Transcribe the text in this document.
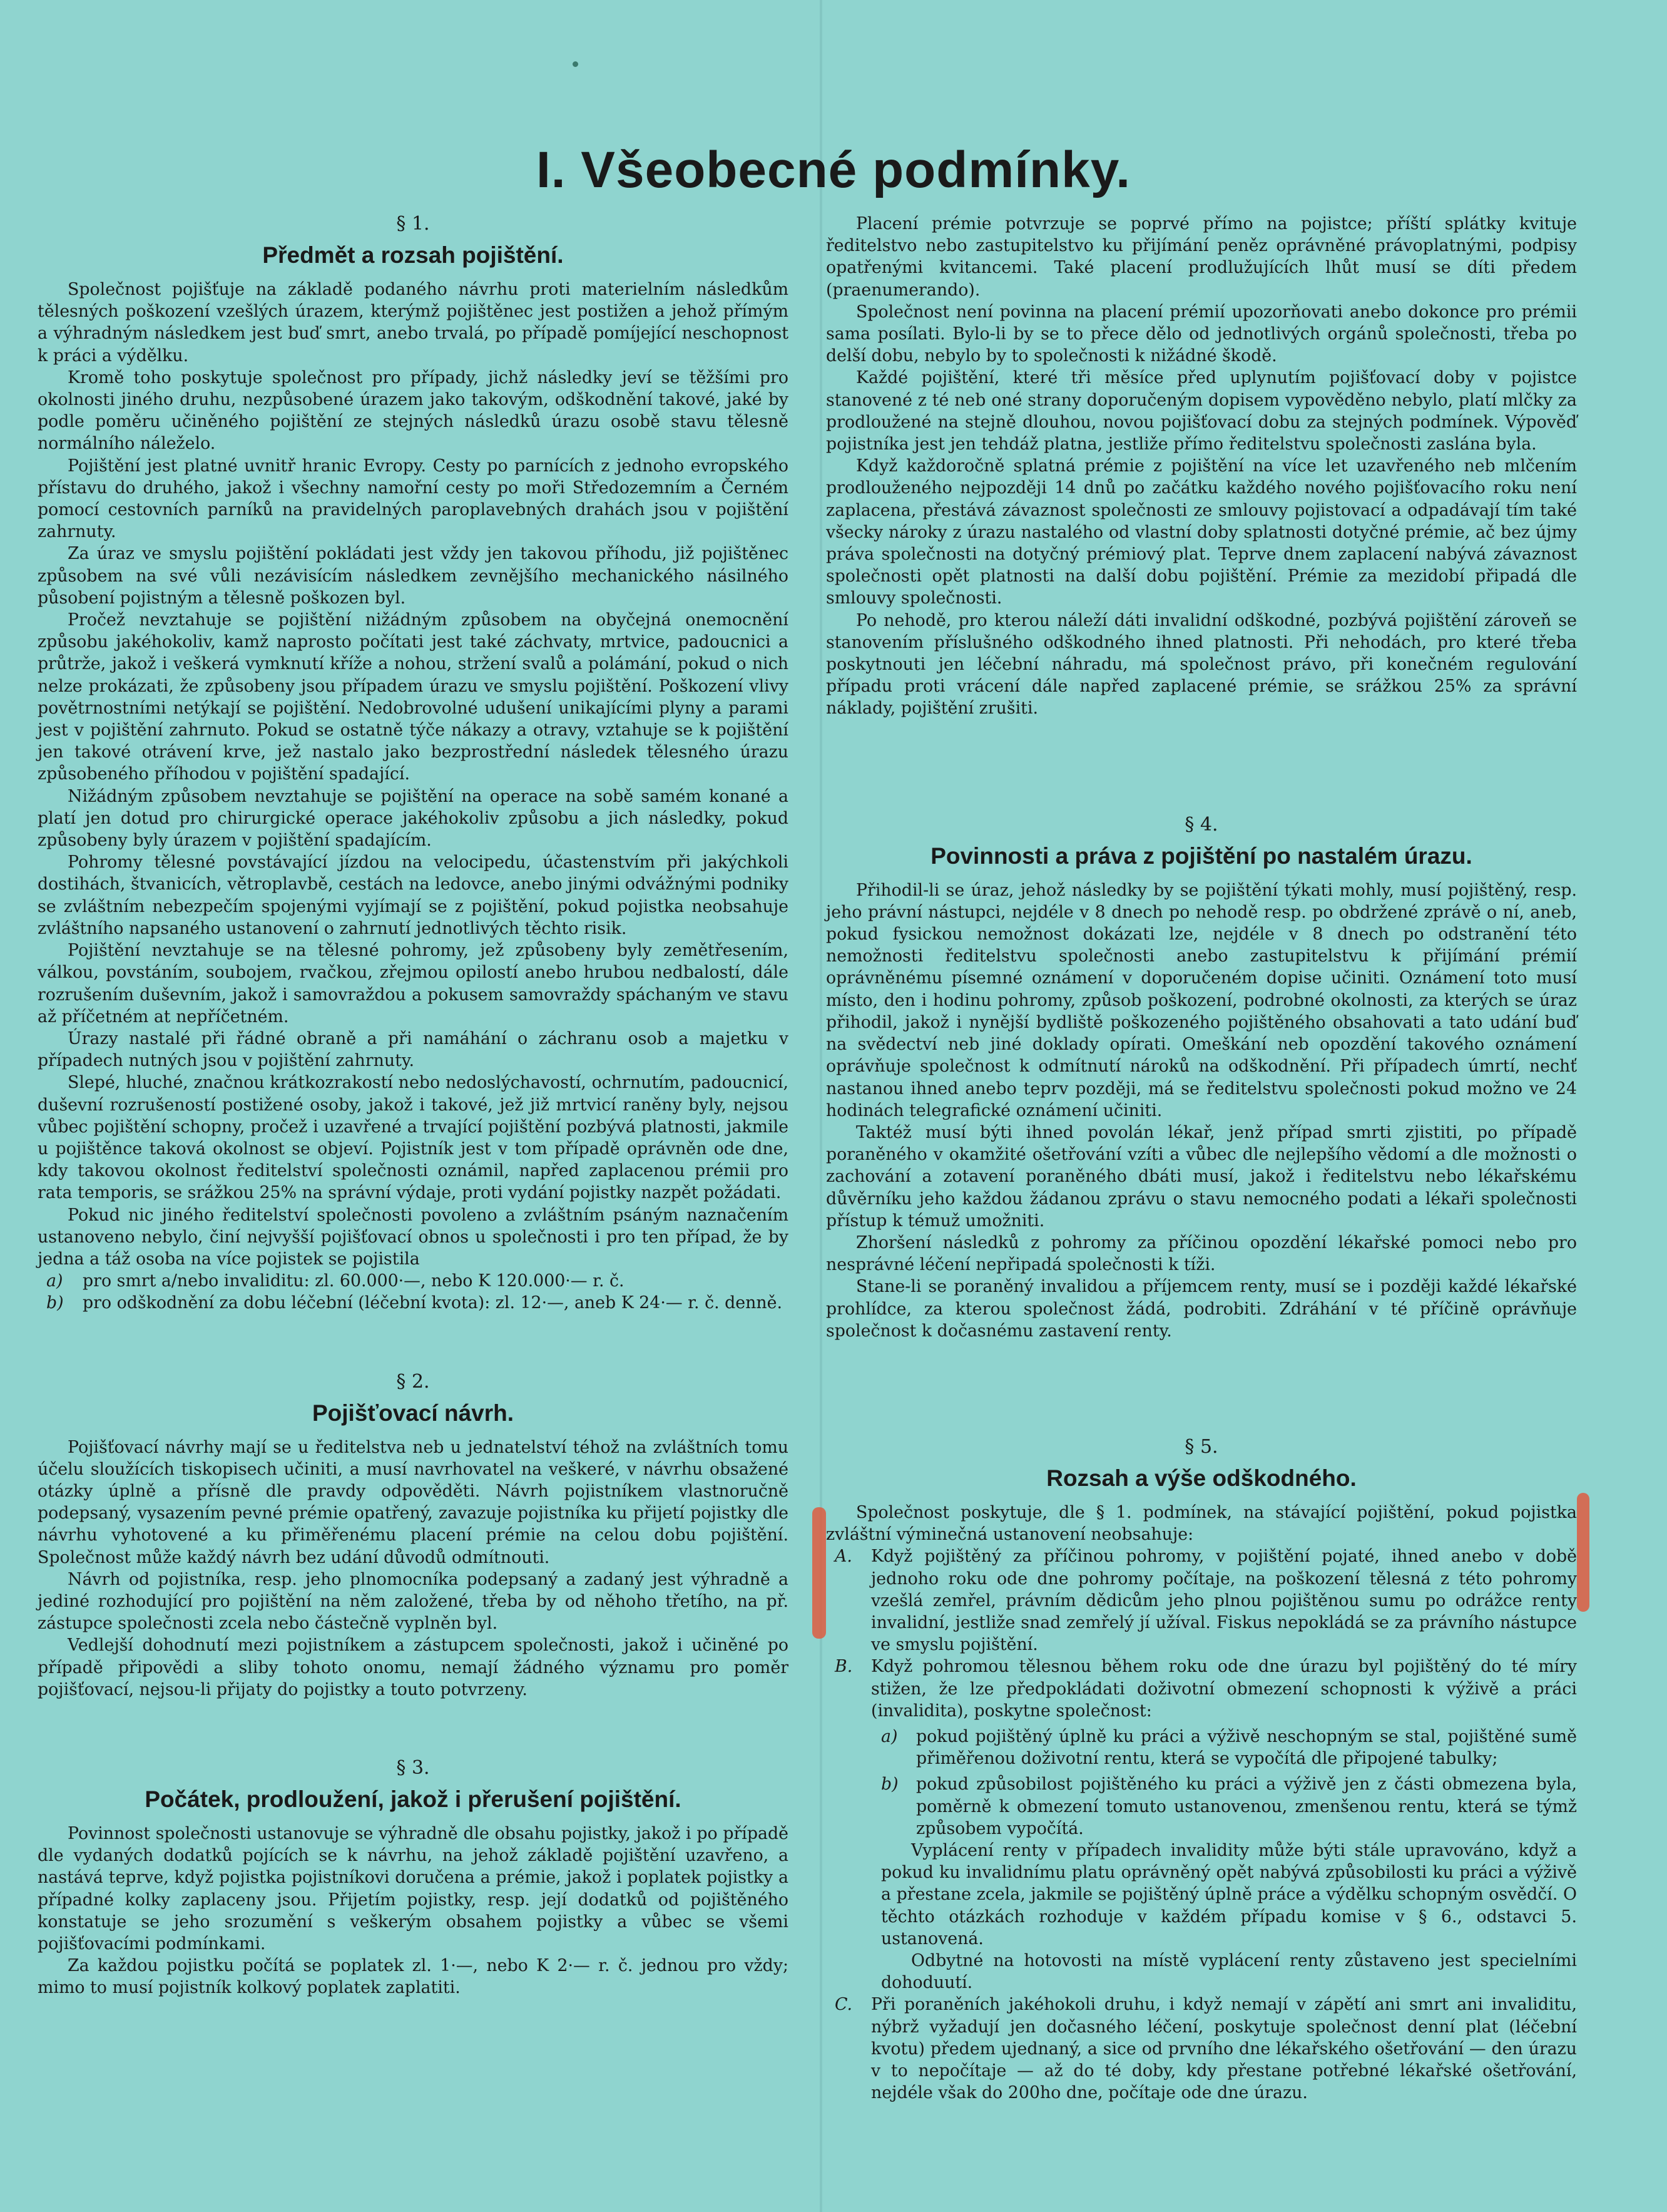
I. Všeobecné podmínky.
§ 1.
Předmět a rozsah pojištění.

Společnost pojišťuje na základě podaného návrhu proti materielním následkům tělesných poškození vzešlých úrazem, kterýmž pojištěnec jest postižen a jehož přímým a výhradným následkem jest buď smrt, anebo trvalá, po případě pomíjející neschopnost k práci a výdělku.

Kromě toho poskytuje společnost pro případy, jichž následky jeví se těžšími pro okolnosti jiného druhu, nezpůsobené úrazem jako takovým, odškodnění takové, jaké by podle poměru učiněného pojištění ze stejných následků úrazu osobě stavu tělesně normálního náleželo.

Pojištění jest platné uvnitř hranic Evropy. Cesty po parnících z jednoho evropského přístavu do druhého, jakož i všechny namořní cesty po moři Středozemním a Černém pomocí cestovních parníků na pravidelných paroplavebných drahách jsou v pojištění zahrnuty.

Za úraz ve smyslu pojištění pokládati jest vždy jen takovou příhodu, již pojištěnec způsobem na své vůli nezávisícím následkem zevnějšího mechanického násilného působení pojistným a tělesně poškozen byl.

Pročež nevztahuje se pojištění nižádným způsobem na obyčejná onemocnění způsobu jakéhokoliv, kamž naprosto počítati jest také záchvaty, mrtvice, padoucnici a průtrže, jakož i veškerá vymknutí kříže a nohou, stržení svalů a polámání, pokud o nich nelze prokázati, že způsobeny jsou případem úrazu ve smyslu pojištění. Poškození vlivy povětrnostními netýkají se pojištění. Nedobrovolné udušení unikajícími plyny a parami jest v pojištění zahrnuto. Pokud se ostatně týče nákazy a otravy, vztahuje se k pojištění jen takové otrávení krve, jež nastalo jako bezprostřední následek tělesného úrazu způsobeného příhodou v pojištění spadající.

Nižádným způsobem nevztahuje se pojištění na operace na sobě samém konané a platí jen dotud pro chirurgické operace jakéhokoliv způsobu a jich následky, pokud způsobeny byly úrazem v pojištění spadajícím.

Pohromy tělesné povstávající jízdou na velocipedu, účastenstvím při jakýchkoli dostihách, štvanicích, větroplavbě, cestách na ledovce, anebo jinými odvážnými podniky se zvláštním nebezpečím spojenými vyjímají se z pojištění, pokud pojistka neobsahuje zvláštního napsaného ustanovení o zahrnutí jednotlivých těchto risik.

Pojištění nevztahuje se na tělesné pohromy, jež způsobeny byly zemětřesením, válkou, povstáním, soubojem, rvačkou, zřejmou opilostí anebo hrubou nedbalostí, dále rozrušením duševním, jakož i samovraždou a pokusem samovraždy spáchaným ve stavu až příčetném at nepříčetném.

Úrazy nastalé při řádné obraně a při namáhání o záchranu osob a majetku v případech nutných jsou v pojištění zahrnuty.

Slepé, hluché, značnou krátkozrakostí nebo nedoslýchavostí, ochrnutím, padoucnicí, duševní rozrušeností postižené osoby, jakož i takové, jež již mrtvicí raněny byly, nejsou vůbec pojištění schopny, pročež i uzavřené a trvající pojištění pozbývá platnosti, jakmile u pojištěnce taková okolnost se objeví. Pojistník jest v tom případě oprávněn ode dne, kdy takovou okolnost ředitelství společnosti oznámil, napřed zaplacenou prémii pro rata temporis, se srážkou 25% na správní výdaje, proti vydání pojistky nazpět požádati.

Pokud nic jiného ředitelství společnosti povoleno a zvláštním psáným naznačením ustanoveno nebylo, činí nejvyšší pojišťovací obnos u společnosti i pro ten případ, že by jedna a táž osoba na více pojistek se pojistila

a)	pro smrt a/nebo invaliditu: zl. 60.000·—, nebo K 120.000·— r. č.
b)	pro odškodnění za dobu léčební (léčební kvota): zl. 12·—, aneb K 24·— r. č. denně.
§ 2.
Pojišťovací návrh.

Pojišťovací návrhy mají se u ředitelstva neb u jednatelství téhož na zvláštních tomu účelu sloužících tiskopisech učiniti, a musí navrhovatel na veškeré, v návrhu obsažené otázky úplně a přísně dle pravdy odpověděti. Návrh pojistníkem vlastnoručně podepsaný, vysazením pevné prémie opatřený, zavazuje pojistníka ku přijetí pojistky dle návrhu vyhotovené a ku přiměřenému placení prémie na celou dobu pojištění. Společnost může každý návrh bez udání důvodů odmítnouti.

Návrh od pojistníka, resp. jeho plnomocníka podepsaný a zadaný jest výhradně a jediné rozhodující pro pojištění na něm založené, třeba by od něhoho třetího, na př. zástupce společnosti zcela nebo částečně vyplněn byl.

Vedlejší dohodnutí mezi pojistníkem a zástupcem společnosti, jakož i učiněné po případě připovědi a sliby tohoto onomu, nemají žádného významu pro poměr pojišťovací, nejsou-li přijaty do pojistky a touto potvrzeny.

§ 3.
Počátek, prodloužení, jakož i přerušení pojištění.

Povinnost společnosti ustanovuje se výhradně dle obsahu pojistky, jakož i po případě dle vydaných dodatků pojících se k návrhu, na jehož základě pojištění uzavřeno, a nastává teprve, když pojistka pojistníkovi doručena a prémie, jakož i poplatek pojistky a případné kolky zaplaceny jsou. Přijetím pojistky, resp. její dodatků od pojištěného konstatuje se jeho srozumění s veškerým obsahem pojistky a vůbec se všemi pojišťovacími podmínkami.

Za každou pojistku počítá se poplatek zl. 1·—, nebo K 2·— r. č. jednou pro vždy; mimo to musí pojistník kolkový poplatek zaplatiti.

Placení prémie potvrzuje se poprvé přímo na pojistce; příští splátky kvituje ředitelstvo nebo zastupitelstvo ku přijímání peněz oprávněné právoplatnými, podpisy opatřenými kvitancemi. Také placení prodlužujících lhůt musí se díti předem (praenumerando).

Společnost není povinna na placení prémií upozorňovati anebo dokonce pro prémii sama posílati. Bylo-li by se to přece dělo od jednotlivých orgánů společnosti, třeba po delší dobu, nebylo by to společnosti k nižádné škodě.

Každé pojištění, které tři měsíce před uplynutím pojišťovací doby v pojistce stanovené z té neb oné strany doporučeným dopisem vypověděno nebylo, platí mlčky za prodloužené na stejně dlouhou, novou pojišťovací dobu za stejných podmínek. Výpověď pojistníka jest jen tehdáž platna, jestliže přímo ředitelstvu společnosti zaslána byla.

Když každoročně splatná prémie z pojištění na více let uzavřeného neb mlčením prodlouženého nejpozději 14 dnů po začátku každého nového pojišťovacího roku není zaplacena, přestává závaznost společnosti ze smlouvy pojistovací a odpadávají tím také všecky nároky z úrazu nastalého od vlastní doby splatnosti dotyčné prémie, ač bez újmy práva společnosti na dotyčný prémiový plat. Teprve dnem zaplacení nabývá závaznost společnosti opět platnosti na další dobu pojištění. Prémie za mezidobí připadá dle smlouvy společnosti.

Po nehodě, pro kterou náleží dáti invalidní odškodné, pozbývá pojištění zároveň se stanovením příslušného odškodného ihned platnosti. Při nehodách, pro které třeba poskytnouti jen léčební náhradu, má společnost právo, při konečném regulování případu proti vrácení dále napřed zaplacené prémie, se srážkou 25% za správní náklady, pojištění zrušiti.

§ 4.
Povinnosti a práva z pojištění po nastalém úrazu.

Přihodil-li se úraz, jehož následky by se pojištění týkati mohly, musí pojištěný, resp. jeho právní nástupci, nejdéle v 8 dnech po nehodě resp. po obdržené zprávě o ní, aneb, pokud fysickou nemožnost dokázati lze, nejdéle v 8 dnech po odstranění této nemožnosti ředitelstvu společnosti anebo zastupitelstvu k přijímání prémií oprávněnému písemné oznámení v doporučeném dopise učiniti. Oznámení toto musí místo, den i hodinu pohromy, způsob poškození, podrobné okolnosti, za kterých se úraz přihodil, jakož i nynější bydliště poškozeného pojištěného obsahovati a tato udání buď na svědectví neb jiné doklady opírati. Omeškání neb opozdění takového oznámení oprávňuje společnost k odmítnutí nároků na odškodnění. Při případech úmrtí, nechť nastanou ihned anebo teprv později, má se ředitelstvu společnosti pokud možno ve 24 hodinách telegrafické oznámení učiniti.

Taktéž musí býti ihned povolán lékař, jenž případ smrti zjistiti, po případě poraněného v okamžité ošetřování vzíti a vůbec dle nejlepšího vědomí a dle možnosti o zachování a zotavení poraněného dbáti musí, jakož i ředitelstvu nebo lékařskému důvěrníku jeho každou žádanou zprávu o stavu nemocného podati a lékaři společnosti přístup k témuž umožniti.

Zhoršení následků z pohromy za příčinou opozdění lékařské pomoci nebo pro nesprávné léčení nepřipadá společnosti k tíži.

Stane-li se poraněný invalidou a příjemcem renty, musí se i později každé lékařské prohlídce, za kterou společnost žádá, podrobiti. Zdráhání v té příčině oprávňuje společnost k dočasnému zastavení renty.

§ 5.
Rozsah a výše odškodného.

Společnost poskytuje, dle § 1. podmínek, na stávající pojištění, pokud pojistka zvláštní výminečná ustanovení neobsahuje:

A.	Když pojištěný za příčinou pohromy, v pojištění pojaté, ihned anebo v době jednoho roku ode dne pohromy počítaje, na poškození tělesná z této pohromy vzešlá zemřel, právním dědicům jeho plnou pojištěnou sumu po odrážce renty invalidní, jestliže snad zemřelý jí užíval. Fiskus nepokládá se za právního nástupce ve smyslu pojištění.
B.	Když pohromou tělesnou během roku ode dne úrazu byl pojištěný do té míry stižen, že lze předpokládati doživotní obmezení schopnosti k výživě a práci (invalidita), poskytne společnost:
a)	pokud pojištěný úplně ku práci a výživě neschopným se stal, pojištěné sumě přiměřenou doživotní rentu, která se vypočítá dle připojené tabulky;
b)	pokud způsobilost pojištěného ku práci a výživě jen z části obmezena byla, poměrně k obmezení tomuto ustanovenou, zmenšenou rentu, která se týmž způsobem vypočítá.

Vyplácení renty v případech invalidity může býti stále upravováno, když a pokud ku invalidnímu platu oprávněný opět nabývá způsobilosti ku práci a výživě a přestane zcela, jakmile se pojištěný úplně práce a výdělku schopným osvědčí. O těchto otázkách rozhoduje v každém případu komise v § 6., odstavci 5. ustanovená.

Odbytné na hotovosti na místě vyplácení renty zůstaveno jest specielními dohoduutí.

C.	Při poraněních jakéhokoli druhu, i když nemají v zápětí ani smrt ani invaliditu, nýbrž vyžadují jen dočasného léčení, poskytuje společnost denní plat (léčební kvotu) předem ujednaný, a sice od prvního dne lékařského ošetřování — den úrazu v to nepočítaje — až do té doby, kdy přestane potřebné lékařské ošetřování, nejdéle však do 200ho dne, počítaje ode dne úrazu.
